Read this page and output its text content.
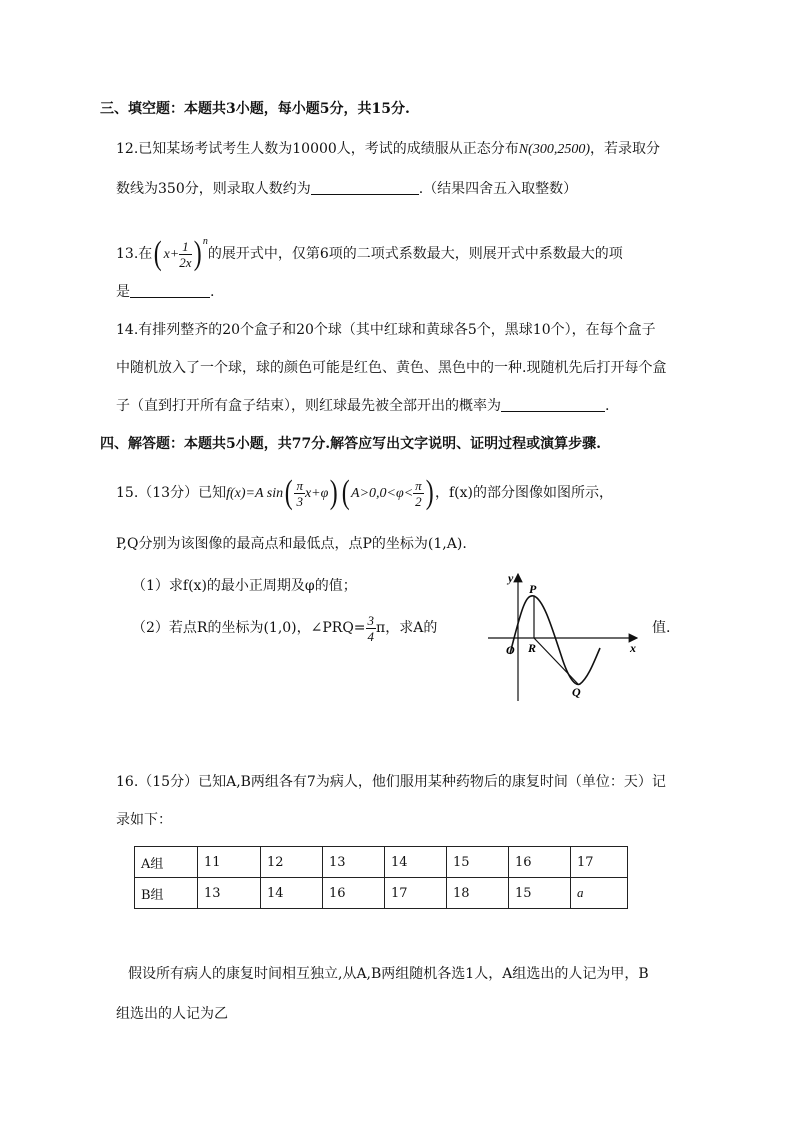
三、填空题：本题共3小题，每小题5分，共15分.
12.已知某场考试考生人数为10000人，考试的成绩服从正态分布N(300,2500)，若录取分
数线为350分，则录取人数约为	.（结果四舍五入取整数）
13.在( $x+ \frac{1}{2x}$ ) $^n$的展开式中，仅第6项的二项式系数最大，则展开式中系数最大的项
是	.
14.有排列整齐的20个盒子和20个球（其中红球和黄球各5个，黑球10个），在每个盒子
中随机放入了一个球，球的颜色可能是红色、黄色、黑色中的一种.现随机先后打开每个盒
子（直到打开所有盒子结束），则红球最先被全部开出的概率为	.
四、解答题：本题共5小题，共77分.解答应写出文字说明、证明过程或演算步骤.
15.（13分）已知f(x)=A $\sin( \frac{\pi}{3} x+\varphi)$( $A>0,0<\varphi< \frac{\pi}{2}$ ) ，f(x)的部分图像如图所示，
P,Q分别为该图像的最高点和最低点，点P的坐标为(1,A).
（1）求f(x)的最小正周期及φ的值；
（2）若点R的坐标为(1,0)，∠PRQ= $\frac{3}{4}$ π，求A的	值.
y
x
O
P
R
Q
16.（15分）已知A,B两组各有7为病人，他们服用某种药物后的康复时间（单位：天）记
录如下：
A组	11	12	13	14	15	16	17
B组	13	14	16	17	18	15	a
假设所有病人的康复时间相互独立,从A,B两组随机各选1人，A组选出的人记为甲，B
组选出的人记为乙
